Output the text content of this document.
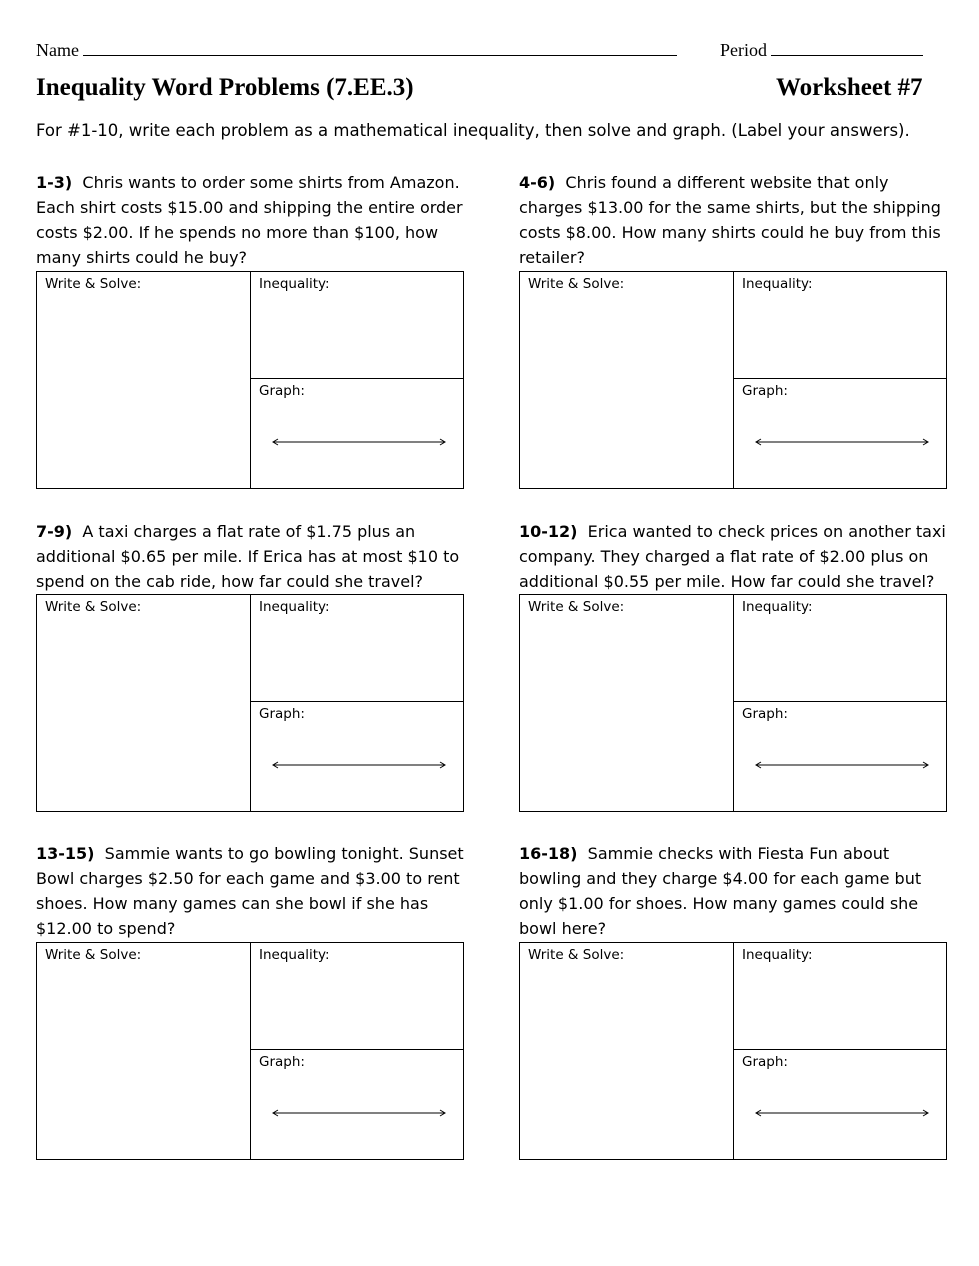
Name	Period
Inequality Word Problems (7.EE.3)	Worksheet #7
For #1-10, write each problem as a mathematical inequality, then solve and graph. (Label your answers).
1-3) Chris wants to order some shirts from Amazon. Each shirt costs $15.00 and shipping the entire order costs $2.00. If he spends no more than $100, how many shirts could he buy?
Write & Solve:	Inequality:
Graph:
4-6) Chris found a different website that only charges $13.00 for the same shirts, but the shipping costs $8.00. How many shirts could he buy from this retailer?
Write & Solve:	Inequality:
Graph:
7-9) A taxi charges a flat rate of $1.75 plus an additional $0.65 per mile. If Erica has at most $10 to spend on the cab ride, how far could she travel?
Write & Solve:	Inequality:
Graph:
10-12) Erica wanted to check prices on another taxi company. They charged a flat rate of $2.00 plus on additional $0.55 per mile. How far could she travel?
Write & Solve:	Inequality:
Graph:
13-15) Sammie wants to go bowling tonight. Sunset Bowl charges $2.50 for each game and $3.00 to rent shoes. How many games can she bowl if she has $12.00 to spend?
Write & Solve:	Inequality:
Graph:
16-18) Sammie checks with Fiesta Fun about bowling and they charge $4.00 for each game but only $1.00 for shoes. How many games could she bowl here?
Write & Solve:	Inequality:
Graph:
